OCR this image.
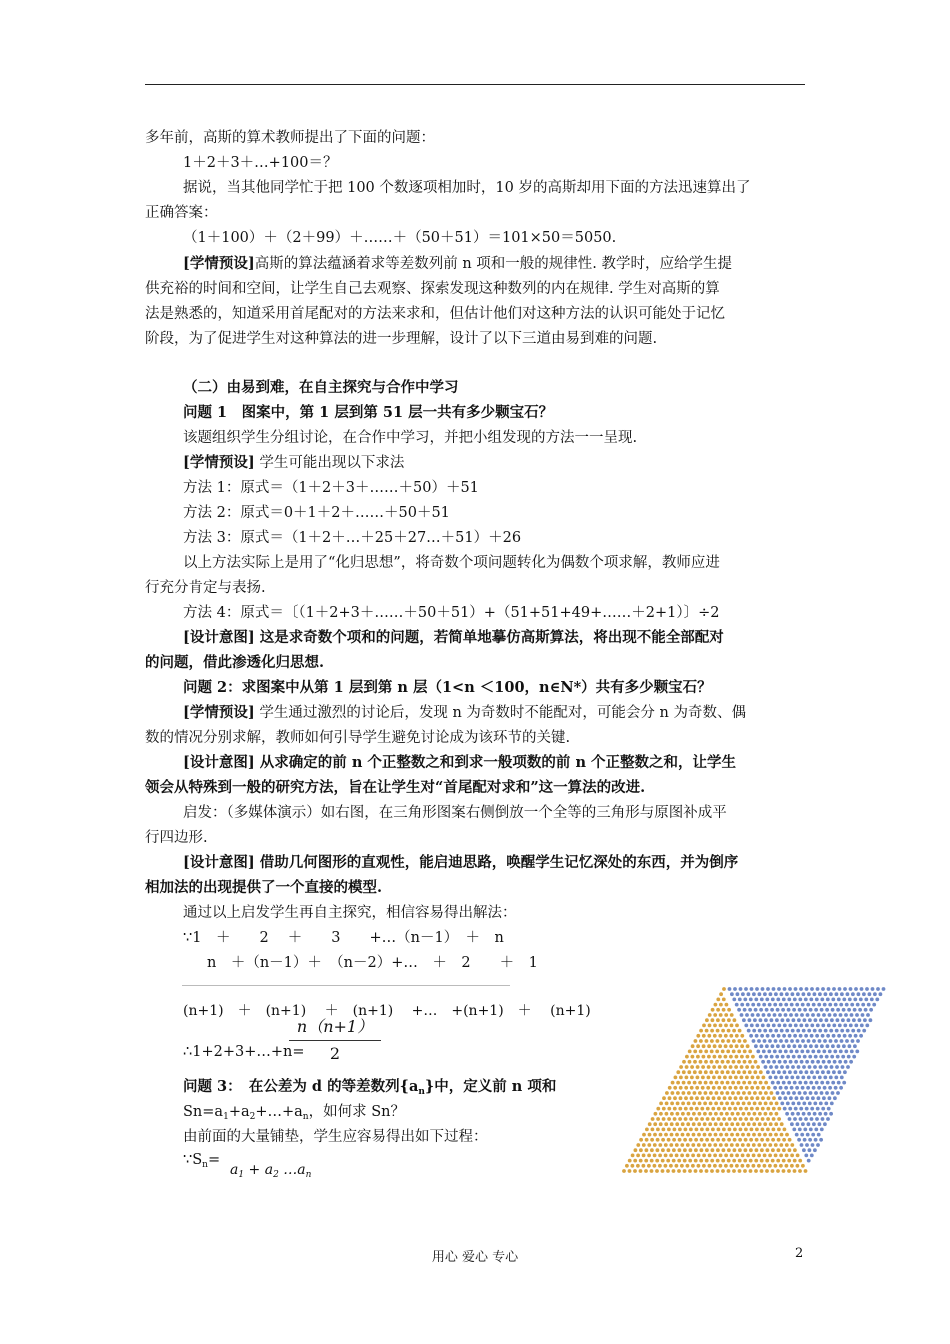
多年前，高斯的算术教师提出了下面的问题：
1＋2＋3＋…+100＝？
据说，当其他同学忙于把 100 个数逐项相加时，10 岁的高斯却用下面的方法迅速算出了
正确答案：
（1＋100）＋（2＋99）＋……＋（50＋51）＝101×50＝5050.
[学情预设]高斯的算法蕴涵着求等差数列前 n 项和一般的规律性. 教学时，应给学生提
供充裕的时间和空间，让学生自己去观察、探索发现这种数列的内在规律. 学生对高斯的算
法是熟悉的，知道采用首尾配对的方法来求和，但估计他们对这种方法的认识可能处于记忆
阶段，为了促进学生对这种算法的进一步理解，设计了以下三道由易到难的问题.
（二）由易到难，在自主探究与合作中学习
问题 1　图案中，第 1 层到第 51 层一共有多少颗宝石？
该题组织学生分组讨论，在合作中学习，并把小组发现的方法一一呈现.
[学情预设] 学生可能出现以下求法
方法 1：原式＝（1＋2＋3＋……＋50）＋51
方法 2：原式＝0＋1＋2＋……＋50＋51
方法 3：原式＝（1＋2＋…＋25＋27…＋51）＋26
以上方法实际上是用了“化归思想”，将奇数个项问题转化为偶数个项求解，教师应进
行充分肯定与表扬.
方法 4：原式＝〔（1＋2+3＋……＋50＋51）+（51+51+49+……＋2+1）〕÷2
[设计意图] 这是求奇数个项和的问题，若简单地摹仿高斯算法，将出现不能全部配对
的问题，借此渗透化归思想.
问题 2：求图案中从第 1 层到第 n 层（1<n ＜100，n∈N*）共有多少颗宝石？
[学情预设] 学生通过激烈的讨论后，发现 n 为奇数时不能配对，可能会分 n 为奇数、偶
数的情况分别求解，教师如何引导学生避免讨论成为该环节的关键.
[设计意图] 从求确定的前 n 个正整数之和到求一般项数的前 n 个正整数之和，让学生
领会从特殊到一般的研究方法，旨在让学生对“首尾配对求和”这一算法的改进.
启发：（多媒体演示）如右图，在三角形图案右侧倒放一个全等的三角形与原图补成平
行四边形.
[设计意图] 借助几何图形的直观性，能启迪思路，唤醒学生记忆深处的东西，并为倒序
相加法的出现提供了一个直接的模型.
通过以上启发学生再自主探究，相信容易得出解法：
∵1　＋　　2　 ＋　　3　　+…（n－1）　＋　n
n　＋（n－1）＋　（n－2）+…　＋　2　　＋　1
(n+1)　＋　(n+1)　 ＋　(n+1)　 +…　+(n+1)　＋　 (n+1)
∴1+2+3+…+n=
n（n+1）
2
问题 3：　在公差为 d 的等差数列$\{a_n\}$中，定义前 n 项和
$Sn=a_1+a_2+\dots+a_n$，如何求 Sn？
由前面的大量铺垫，学生应容易得出如下过程：
$\because S_n=$
$a_1 + a_2$ $\dots a_n$
用心 爱心 专心	2
